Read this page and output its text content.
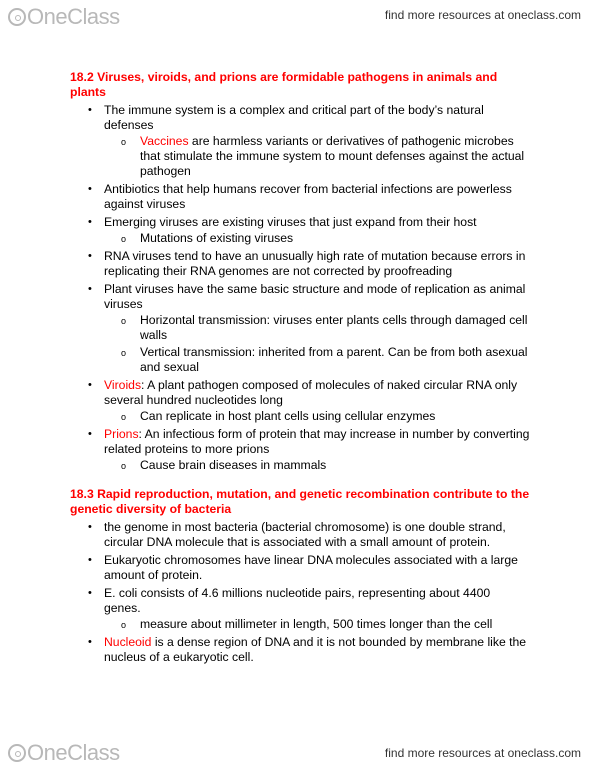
OneClass	find more resources at oneclass.com
18.2 Viruses, viroids, and prions are formidable pathogens in animals and plants
• The immune system is a complex and critical part of the body’s natural defenses
o Vaccines are harmless variants or derivatives of pathogenic microbes that stimulate the immune system to mount defenses against the actual pathogen
• Antibiotics that help humans recover from bacterial infections are powerless against viruses
• Emerging viruses are existing viruses that just expand from their host
o Mutations of existing viruses
• RNA viruses tend to have an unusually high rate of mutation because errors in replicating their RNA genomes are not corrected by proofreading
• Plant viruses have the same basic structure and mode of replication as animal viruses
o Horizontal transmission: viruses enter plants cells through damaged cell walls
o Vertical transmission: inherited from a parent. Can be from both asexual and sexual
• Viroids: A plant pathogen composed of molecules of naked circular RNA only several hundred nucleotides long
o Can replicate in host plant cells using cellular enzymes
• Prions: An infectious form of protein that may increase in number by converting related proteins to more prions
o Cause brain diseases in mammals
18.3 Rapid reproduction, mutation, and genetic recombination contribute to the genetic diversity of bacteria
• the genome in most bacteria (bacterial chromosome) is one double strand, circular DNA molecule that is associated with a small amount of protein.
• Eukaryotic chromosomes have linear DNA molecules associated with a large amount of protein.
• E. coli consists of 4.6 millions nucleotide pairs, representing about 4400 genes.
o measure about millimeter in length, 500 times longer than the cell
• Nucleoid is a dense region of DNA and it is not bounded by membrane like the nucleus of a eukaryotic cell.
OneClass	find more resources at oneclass.com
